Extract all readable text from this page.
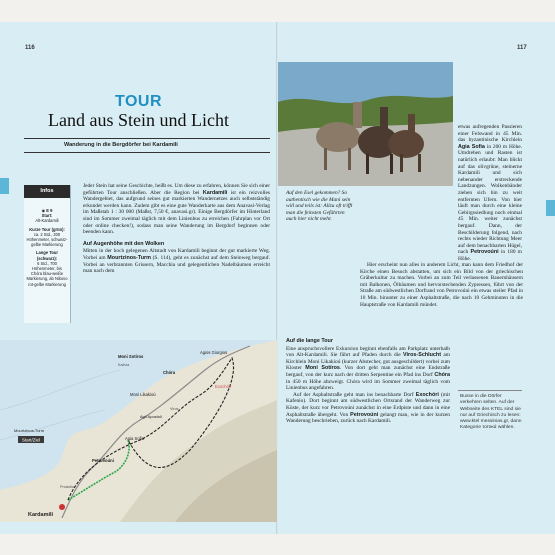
116	117
TOUR
Land aus Stein und Licht
Wanderung in die Bergdörfer bei Kardamili
Infos
◉ E 9
Start:
Alt-Kardamili
Kurze Tour (grün):
ca. 2 Std., 200 Höhenmeter, schwarz-gelbe Markierung
Lange Tour (schwarz):
6 Std., 700 Höhenmeter, bis Chóra blau-weiße Markierung, ab Nikovo rot-gelbe Markierung

Jeder Stein hat seine Geschichte, heißt es. Um diese zu erfahren, können Sie sich einer geführten Tour anschließen. Aber die Region bei Kardamili ist ein reizvolles Wandergebiet, das aufgrund seines gut markierten Wandernetzes auch selbstständig erkundet werden kann. Zudem gibt es eine gute Wanderkarte aus dem Anavasi-Verlag im Maßstab 1 : 30 000 (Maßst, 7,50 €, anavasi.gr). Einige Bergdörfer im Hinterland sind im Sommer zweimal täglich mit dem Linienbus zu erreichen (Fahrplan vor Ort oder online checken!), sodass man seine Wanderung im Bergdorf beginnen oder beenden kann.

Auf Augenhöhe mit den Wolken

Mitten in der hoch gelegenen Altstadt von Kardamili beginnt der gut markierte Weg. Vorbei am Mourtzinos-Turm (S. 114), geht es zunächst auf dem Steinweg bergauf. Vorbei an verbrannten Grissern, Macchia und gelegentlichen Nadelbäumen erreicht man nach dem

Start/Ziel
Kardamili
Mourtzinos-Turm
Moni Sotíros
Agios Giorgios
Chóra
Exochóri
Moni Likakioú
Agia Sofia
Petrovoúni
Agii Apostoli
Kalivia
Proástio
Viros
Auf den Esel gekommen? So authentisch wie die Mani sein will und teils ist: Allzu oft trifft man die feinsten Gefährten auch hier nicht mehr.

etwas aufregenden Passieren einer Felswand in 45 Min. das byzantinische Kirchlein Agia Sofia in 200 m Höhe. Umdrehen und Rasten ist natürlich erlaubt: Man blickt auf das olivgrüne, steinerne Kardamili und sich nebenander erstreckende Landzungen. Wolkenbänder ziehen sich hin zu weit entfernten Ufern. Von hier läuft man durch eine kleine Gebirgssiedlung noch einmal 45 Min. weiter zunächst bergauf. Dann, der Beschilderung folgend, nach rechts wieder Richtung Meer auf dem benachbarten Hügel, nach Petrovoúni in 180 m Höhe.

Hier erscheint nun alles in anderem Licht, man kann dem Friedhof der Kirche einen Besuch abstatten, um sich ein Bild von der griechischen Gräberkultur zu machen. Vorbei an zum Teil verlassenen Bauernhäusern mit Balkonen, Ölbäumen und hervorstechenden Zypressen, führt von der Straße am südwestlichen Dorfrand von Petrovoúni ein etwas steiler Pfad in 10 Min. hinunter zu einer Asphaltstraße, die nach 10 Gehminuten in die Hauptstraße von Kardamili mündet.

Auf die lange Tour

Eine anspruchsvollere Exkursion beginnt ebenfalls am Parkplatz unterhalb von Alt-Kardamili. Sie führt auf Pfaden durch die Viros-Schlucht am Kirchlein Moni Likakioú (kurzer Abstecher, gut ausgeschildert) vorbei zum Kloster Moni Sotíros. Von dort geht man zunächst eine Endstraße bergauf, von der kurz nach der dritten Serpentine ein Pfad ins Dorf Chóra in 450 m Höhe abzweigt. Chóra wird im Sommer zweimal täglich vom Linienbus angefahren.

Auf der Asphaltstraße geht man ins benachbarte Dorf Exochóri (mit Kafenio). Dort beginnt am südwestlichen Ortsrand der Wanderweg zur Küste, der kurz vor Petrovoúni zunächst in eine Erdpiste und dann in eine Asphaltstraße übergeht. Von Petrovoúni gelangt man, wie in der kurzen Wanderung beschrieben, zurück nach Kardamili.

Busse in die Dörfer verkehren selten. Auf der Webseite des KTEL sind sie nur auf Griechisch zu lesen: www.ktel messinias.gr, dann Kategorie τοπικά wählen.
